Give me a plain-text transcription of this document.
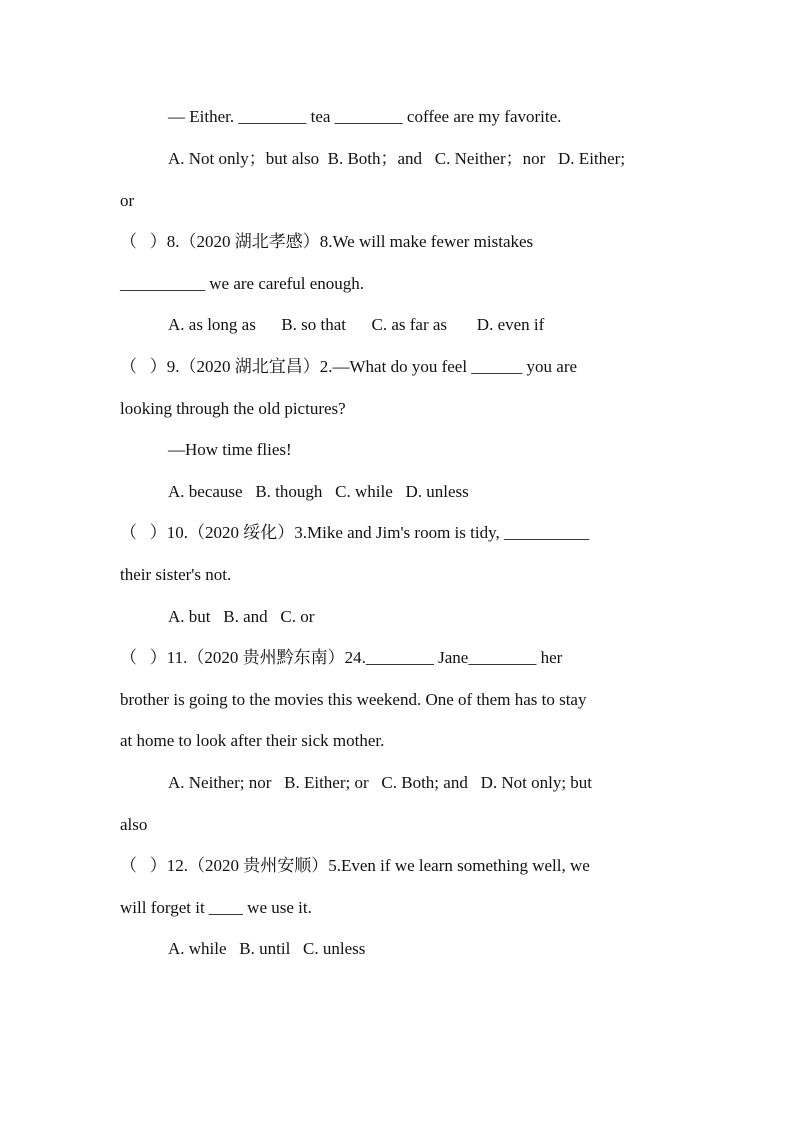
— Either. ________ tea ________ coffee are my favorite.
A. Not only；but also  B. Both；and   C. Neither；nor   D. Either;
or
（   ）8.（2020 湖北孝感）8.We will make fewer mistakes
__________ we are careful enough.
A. as long as      B. so that      C. as far as       D. even if
（   ）9.（2020 湖北宜昌）2.—What do you feel ______ you are
looking through the old pictures?
—How time flies!
A. because   B. though   C. while   D. unless
（   ）10.（2020 绥化）3.Mike and Jim's room is tidy, __________
their sister's not.
A. but   B. and   C. or
（   ）11.（2020 贵州黔东南）24.________ Jane________ her
brother is going to the movies this weekend. One of them has to stay
at home to look after their sick mother.
A. Neither; nor   B. Either; or   C. Both; and   D. Not only; but
also
（   ）12.（2020 贵州安顺）5.Even if we learn something well, we
will forget it ____ we use it.
A. while   B. until   C. unless
